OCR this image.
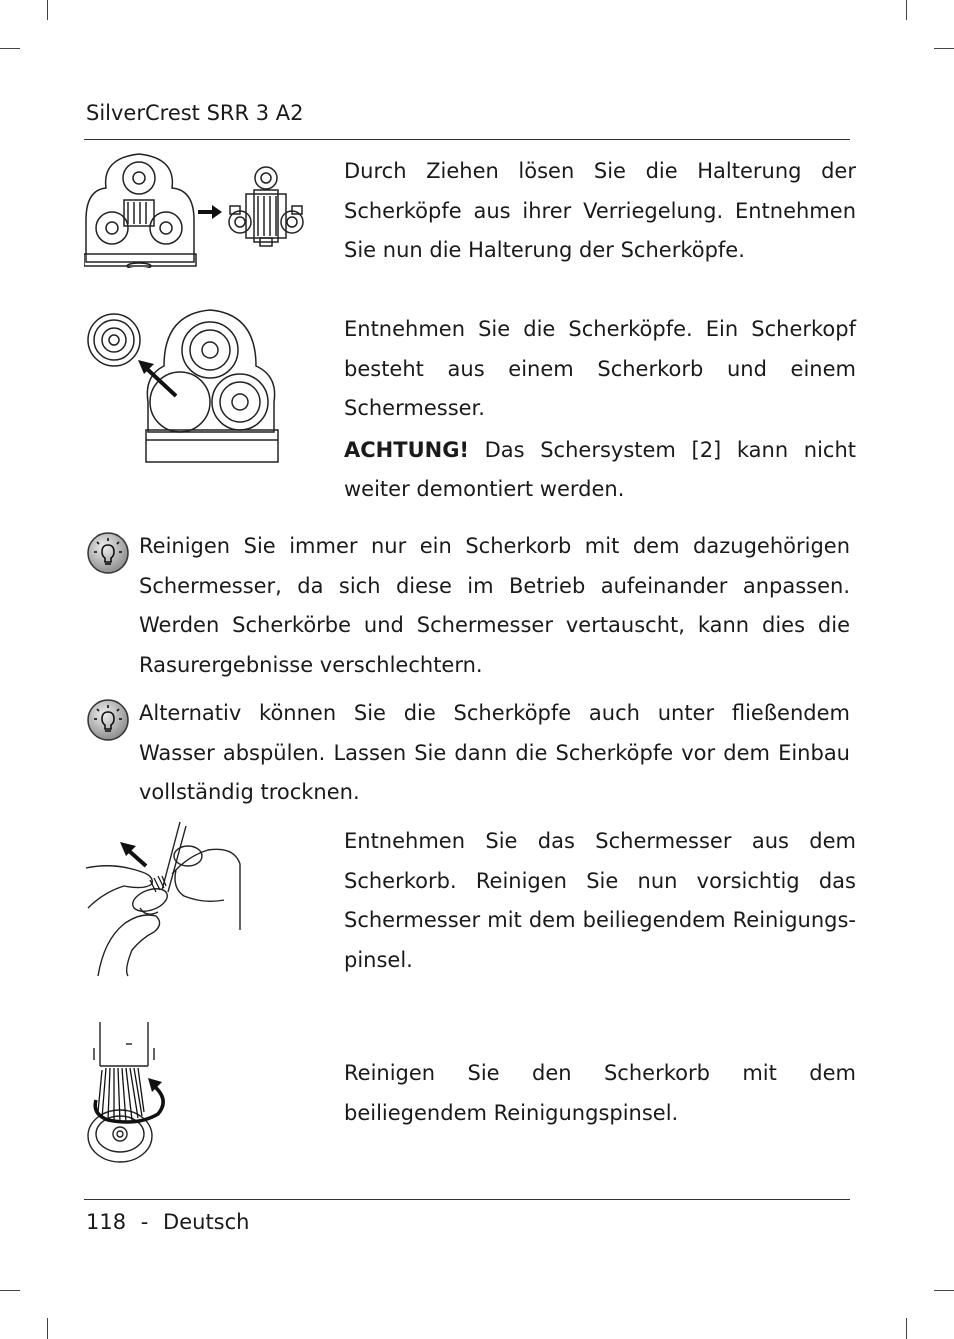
SilverCrest SRR 3 A2

Durch Ziehen lösen Sie die Halterung der Scherköpfe aus ihrer Verriegelung. Entnehmen Sie nun die Halterung der Scherköpfe.

Entnehmen Sie die Scherköpfe. Ein Scherkopf besteht aus einem Scherkorb und einem Schermesser.

ACHTUNG! Das Schersystem [2] kann nicht weiter demontiert werden.

Reinigen Sie immer nur ein Scherkorb mit dem dazugehörigen Schermesser, da sich diese im Betrieb aufeinander anpassen. Werden Scherkörbe und Schermesser vertauscht, kann dies die Rasurergebnisse verschlechtern.

Alternativ können Sie die Scherköpfe auch unter fließendem Wasser abspülen. Lassen Sie dann die Scherköpfe vor dem Einbau vollständig trocknen.

Entnehmen Sie das Schermesser aus dem Scherkorb. Reinigen Sie nun vorsichtig das Schermesser mit dem beiliegendem Reinigungs-pinsel.

Reinigen Sie den Scherkorb mit dem beiliegendem Reinigungspinsel.

118 - Deutsch
